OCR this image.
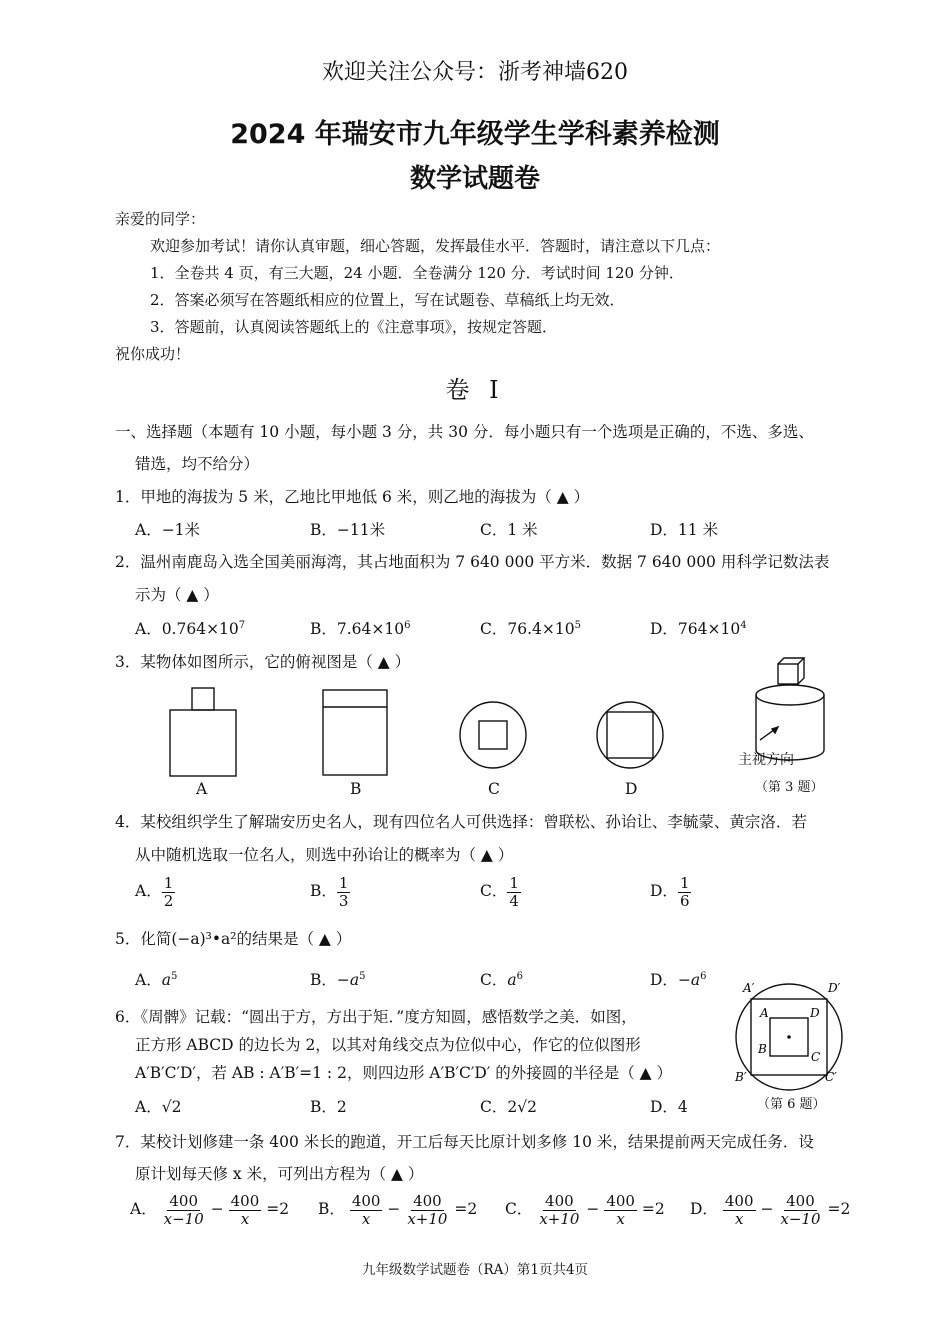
欢迎关注公众号：浙考神墙620
2024 年瑞安市九年级学生学科素养检测
数学试题卷
亲爱的同学：
欢迎参加考试！请你认真审题，细心答题，发挥最佳水平．答题时，请注意以下几点：
1．全卷共 4 页，有三大题，24 小题．全卷满分 120 分．考试时间 120 分钟．
2．答案必须写在答题纸相应的位置上，写在试题卷、草稿纸上均无效．
3．答题前，认真阅读答题纸上的《注意事项》，按规定答题．
祝你成功！
卷 Ⅰ
一、选择题（本题有 10 小题，每小题 3 分，共 30 分．每小题只有一个选项是正确的，不选、多选、
错选，均不给分）
1．甲地的海拔为 5 米，乙地比甲地低 6 米，则乙地的海拔为（ ▲ ）
A．−1米	B．−11米	C．1 米	D．11 米
2．温州南鹿岛入选全国美丽海湾，其占地面积为 7 640 000 平方米．数据 7 640 000 用科学记数法表
示为（ ▲ ）
A．$0.764\times 10^7$	B．$7.64\times 10^6$	C．$76.4\times 10^5$	D．$764\times 10^4$
3．某物体如图所示，它的俯视图是（ ▲ ）
A	B	C	D
主视方向
（第 3 题）
4．某校组织学生了解瑞安历史名人，现有四位名人可供选择：曾联松、孙诒让、李毓蒙、黄宗洛．若
从中随机选取一位名人，则选中孙诒让的概率为（ ▲ ）
A． $\frac{1}{2}$	B． $\frac{1}{3}$	C． $\frac{1}{4}$	D． $\frac{1}{6}$
5．化简(−a)³•a²的结果是（ ▲ ）
A．$a^5$	B．$-a^5$	C．$a^6$	D．$-a^6$
6．《周髀》记载：“圆出于方，方出于矩．”度方知圆，感悟数学之美．如图，
正方形 ABCD 的边长为 2，以其对角线交点为位似中心，作它的位似图形
A′B′C′D′，若 AB : A′B′=1 : 2，则四边形 A′B′C′D′ 的外接圆的半径是（ ▲ ）
A．√2	B．2	C．2√2	D．4
A′	D′
B′	C′
A	D
B
C
（第 6 题）
7．某校计划修建一条 400 米长的跑道，开工后每天比原计划多修 10 米，结果提前两天完成任务．设
原计划每天修 x 米，可列出方程为（ ▲ ）
A． $\frac{400}{x-10} - \frac{400}{x} =2$ B． $\frac{400}{x} - \frac{400}{x+10} =2$ C． $\frac{400}{x+10} - \frac{400}{x} =2$ D． $\frac{400}{x} - \frac{400}{x-10} =2$
九年级数学试题卷（RA）第1页共4页
